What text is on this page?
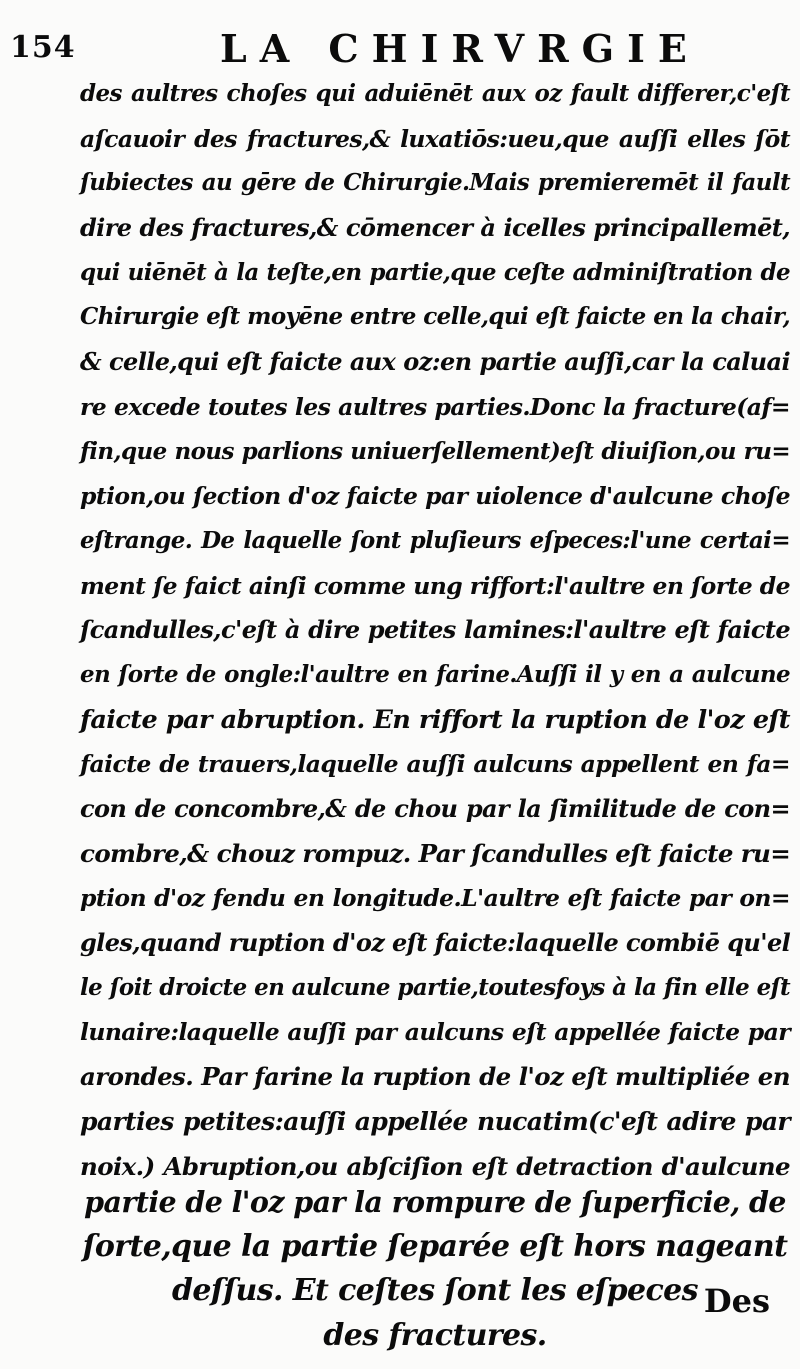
154	LA CHIRVRGIE
des aultres choſes qui aduiēnēt aux oz fault differer,c'eſt
aſcauoir des fractures,& luxatiōs:ueu,que auſſi elles ſōt
ſubiectes au gēre de Chirurgie.Mais premieremēt il fault
dire des fractures,& cōmencer à icelles principallemēt,
qui uiēnēt à la teſte,en partie,que ceſte adminiſtration de
Chirurgie eſt moyēne entre celle,qui eſt faicte en la chair,
& celle,qui eſt faicte aux oz:en partie auſſi,car la caluai
re excede toutes les aultres parties.Donc la fracture(af=
fin,que nous parlions uniuerſellement)eſt diuiſion,ou ru=
ption,ou ſection d'oz faicte par uiolence d'aulcune choſe
eſtrange. De laquelle ſont pluſieurs eſpeces:l'une certai=
ment ſe faict ainſi comme ung riffort:l'aultre en ſorte de
ſcandulles,c'eſt à dire petites lamines:l'aultre eſt faicte
en ſorte de ongle:l'aultre en farine.Auſſi il y en a aulcune
faicte par abruption. En riffort la ruption de l'oz eſt
faicte de trauers,laquelle auſſi aulcuns appellent en fa=
con de concombre,& de chou par la ſimilitude de con=
combre,& chouz rompuz. Par ſcandulles eſt faicte ru=
ption d'oz fendu en longitude.L'aultre eſt faicte par on=
gles,quand ruption d'oz eſt faicte:laquelle combiē qu'el
le ſoit droicte en aulcune partie,toutesfoys à la fin elle eſt
lunaire:laquelle auſſi par aulcuns eſt appellée faicte par
arondes. Par farine la ruption de l'oz eſt multipliée en
parties petites:auſſi appellée nucatim(c'eſt adire par
noix.) Abruption,ou abſciſion eſt detraction d'aulcune
partie de l'oz par la rompure de ſuperficie, de
ſorte,que la partie ſeparée eſt hors nageant
deſſus. Et ceſtes ſont les eſpeces
des fractures.
Des
